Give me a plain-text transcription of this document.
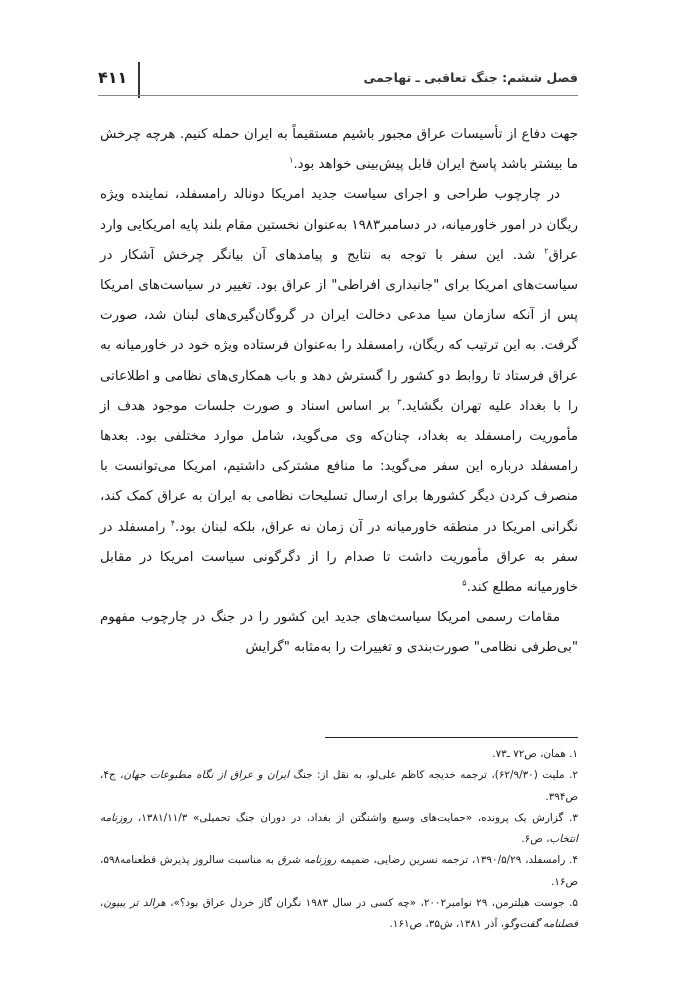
۴۱۱	فصل ششم: جنگ تعاقبی ـ تهاجمی

جهت دفاع از تأسیسات عراق مجبور باشیم مستقیماً به ایران حمله کنیم. هرچه چرخش ما بیشتر باشد پاسخ ایران قابل پیش‌بینی خواهد بود.$^۱$

در چارچوب طراحی و اجرای سیاست جدید امریکا دونالد رامسفلد، نماینده ویژه ریگان در امور خاورمیانه، در دسامبر۱۹۸۳ به‌عنوان نخستین مقام بلند پایه امریکایی وارد عراق$^۲$ شد. این سفر با توجه به نتایج و پیامدهای آن بیانگر چرخش آشکار در سیاست‌های امریکا برای "جانبداری افراطی" از عراق بود. تغییر در سیاست‌های امریکا پس از آنکه سازمان سیا مدعی دخالت ایران در گروگان‌گیری‌های لبنان شد، صورت گرفت. به این ترتیب که ریگان، رامسفلد را به‌عنوان فرستاده ویژه خود در خاورمیانه به عراق فرستاد تا روابط دو کشور را گسترش دهد و باب همکاری‌های نظامی و اطلاعاتی را با بغداد علیه تهران بگشاید.$^۳$ بر اساس اسناد و صورت جلسات موجود هدف از مأموریت رامسفلد به بغداد، چنان‌که وی می‌گوید، شامل موارد مختلفی بود. بعدها رامسفلد درباره این سفر می‌گوید: ما منافع مشترکی داشتیم، امریکا می‌توانست با منصرف کردن دیگر کشورها برای ارسال تسلیحات نظامی به ایران به عراق کمک کند، نگرانی امریکا در منطقه خاورمیانه در آن زمان نه عراق، بلکه لبنان بود.$^۴$ رامسفلد در سفر به عراق مأموریت داشت تا صدام را از دگرگونی سیاست امریکا در مقابل خاورمیانه مطلع کند.$^۵$

مقامات رسمی امریکا سیاست‌های جدید این کشور را در جنگ در چارچوب مفهوم "بی‌طرفی نظامی" صورت‌بندی و تغییرات را به‌مثابه "گرایش

۱. همان، ص۷۲ ـ۷۳.

۲. ملیت (۶۲/۹/۳۰)، ترجمه خدیجه کاظم علی‌لو، به نقل از: جنگ ایران و عراق از نگاه مطبوعات جهان، ج۴، ص۳۹۴.

۳. گزارش یک پرونده، «حمایت‌های وسیع واشنگتن از بغداد، در دوران جنگ تحمیلی» ۱۳۸۱/۱۱/۳، روزنامه انتخاب، ص۶.

۴. رامسفلد، ۱۳۹۰/۵/۲۹، ترجمه نسرین رضایی، ضمیمه روزنامه شرق به مناسبت سالروز پذیرش قطعنامه۵۹۸، ص۱۶.

۵. جوست هیلترمن، ۲۹ نوامبر۲۰۰۲، «چه کسی در سال ۱۹۸۳ نگران گاز خردل عراق بود؟»، هرالد تر یبیون، فصلنامه گفت‌وگو، آذر ۱۳۸۱، ش۳۵، ص۱۶۱.
